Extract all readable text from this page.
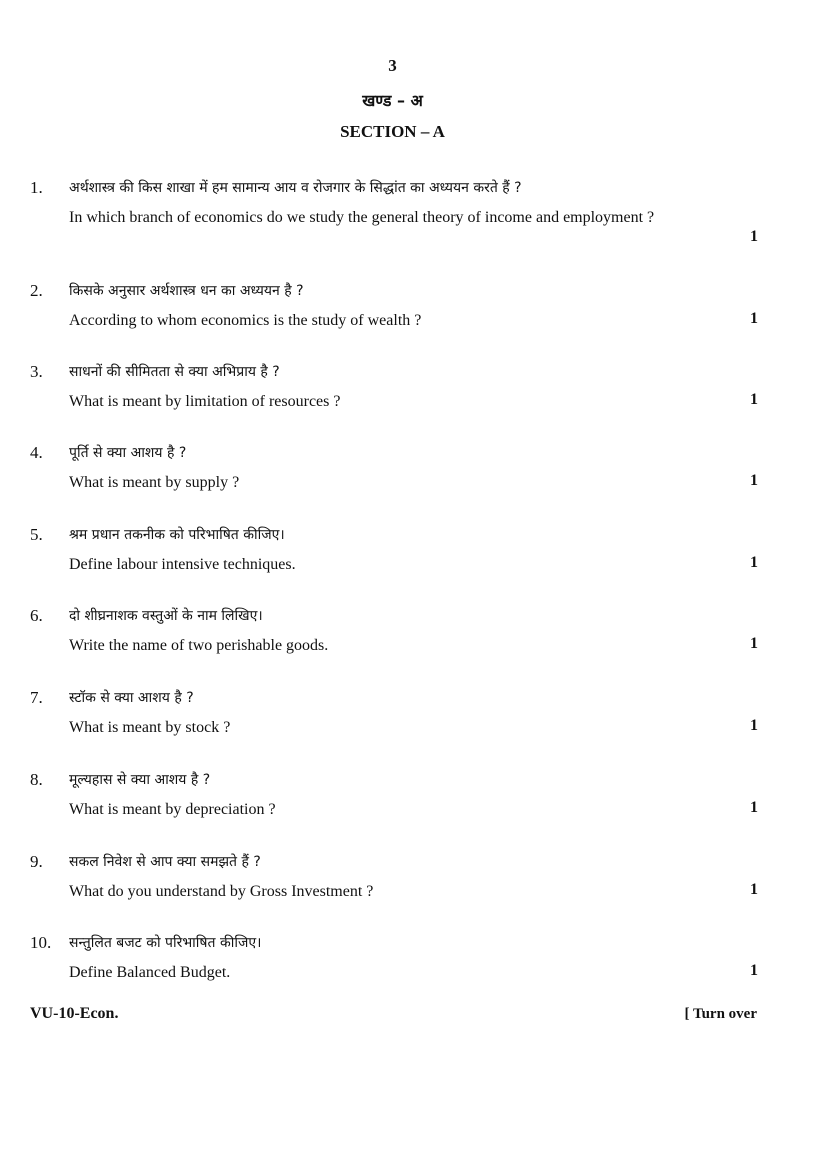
3
खण्ड – अ
SECTION – A
1. अर्थशास्त्र की किस शाखा में हम सामान्य आय व रोजगार के सिद्धांत का अध्ययन करते हैं ?
In which branch of economics do we study the general theory of income and employment ?
1
2. किसके अनुसार अर्थशास्त्र धन का अध्ययन है ?
According to whom economics is the study of wealth ?	1
3. साधनों की सीमितता से क्या अभिप्राय है ?
What is meant by limitation of resources ?	1
4. पूर्ति से क्या आशय है ?
What is meant by supply ?	1
5. श्रम प्रधान तकनीक को परिभाषित कीजिए।
Define labour intensive techniques.	1
6. दो शीघ्रनाशक वस्तुओं के नाम लिखिए।
Write the name of two perishable goods.	1
7. स्टॉक से क्या आशय है ?
What is meant by stock ?	1
8. मूल्यहास से क्या आशय है ?
What is meant by depreciation ?	1
9. सकल निवेश से आप क्या समझते हैं ?
What do you understand by Gross Investment ?	1
10. सन्तुलित बजट को परिभाषित कीजिए।
Define Balanced Budget.	1
VU-10-Econ.	[ Turn over
